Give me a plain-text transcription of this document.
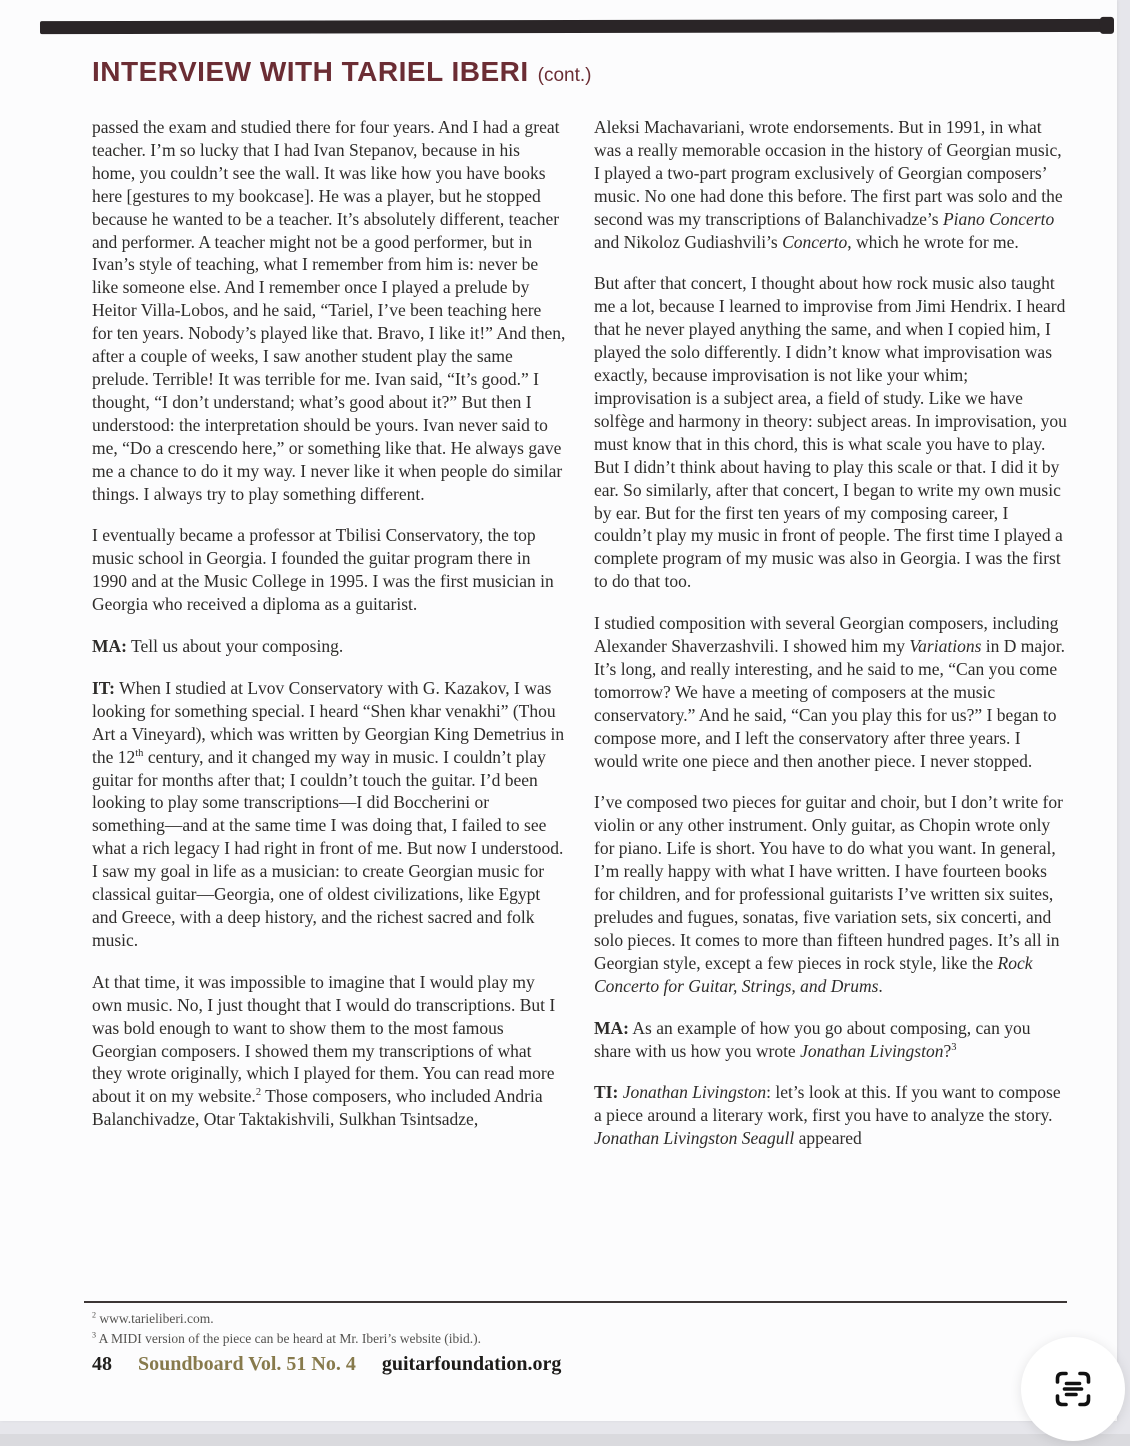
INTERVIEW WITH TARIEL IBERI (cont.)

passed the exam and studied there for four years. And I had a great teacher. I’m so lucky that I had Ivan Stepanov, because in his home, you couldn’t see the wall. It was like how you have books here [gestures to my bookcase]. He was a player, but he stopped because he wanted to be a teacher. It’s absolutely different, teacher and performer. A teacher might not be a good performer, but in Ivan’s style of teaching, what I remember from him is: never be like someone else. And I remember once I played a prelude by Heitor Villa-Lobos, and he said, “Tariel, I’ve been teaching here for ten years. Nobody’s played like that. Bravo, I like it!” And then, after a couple of weeks, I saw another student play the same prelude. Terrible! It was terrible for me. Ivan said, “It’s good.” I thought, “I don’t understand; what’s good about it?” But then I understood: the interpretation should be yours. Ivan never said to me, “Do a crescendo here,” or something like that. He always gave me a chance to do it my way. I never like it when people do similar things. I always try to play something different.

I eventually became a professor at Tbilisi Conservatory, the top music school in Georgia. I founded the guitar program there in 1990 and at the Music College in 1995. I was the first musician in Georgia who received a diploma as a guitarist.

MA: Tell us about your composing.

IT: When I studied at Lvov Conservatory with G. Kazakov, I was looking for something special. I heard “Shen khar venakhi” (Thou Art a Vineyard), which was written by Georgian King Demetrius in the 12th century, and it changed my way in music. I couldn’t play guitar for months after that; I couldn’t touch the guitar. I’d been looking to play some transcriptions—I did Boccherini or something—and at the same time I was doing that, I failed to see what a rich legacy I had right in front of me. But now I understood. I saw my goal in life as a musician: to create Georgian music for classical guitar—Georgia, one of oldest civilizations, like Egypt and Greece, with a deep history, and the richest sacred and folk music.

At that time, it was impossible to imagine that I would play my own music. No, I just thought that I would do transcriptions. But I was bold enough to want to show them to the most famous Georgian composers. I showed them my transcriptions of what they wrote originally, which I played for them. You can read more about it on my website.$^2$ Those composers, who included Andria Balanchivadze, Otar Taktakishvili, Sulkhan Tsintsadze,

Aleksi Machavariani, wrote endorsements. But in 1991, in what was a really memorable occasion in the history of Georgian music, I played a two-part program exclusively of Georgian composers’ music. No one had done this before. The first part was solo and the second was my transcriptions of Balanchivadze’s Piano Concerto and Nikoloz Gudiashvili’s Concerto, which he wrote for me.

But after that concert, I thought about how rock music also taught me a lot, because I learned to improvise from Jimi Hendrix. I heard that he never played anything the same, and when I copied him, I played the solo differently. I didn’t know what improvisation was exactly, because improvisation is not like your whim; improvisation is a subject area, a field of study. Like we have solfège and harmony in theory: subject areas. In improvisation, you must know that in this chord, this is what scale you have to play. But I didn’t think about having to play this scale or that. I did it by ear. So similarly, after that concert, I began to write my own music by ear. But for the first ten years of my composing career, I couldn’t play my music in front of people. The first time I played a complete program of my music was also in Georgia. I was the first to do that too.

I studied composition with several Georgian composers, including Alexander Shaverzashvili. I showed him my Variations in D major. It’s long, and really interesting, and he said to me, “Can you come tomorrow? We have a meeting of composers at the music conservatory.” And he said, “Can you play this for us?” I began to compose more, and I left the conservatory after three years. I would write one piece and then another piece. I never stopped.

I’ve composed two pieces for guitar and choir, but I don’t write for violin or any other instrument. Only guitar, as Chopin wrote only for piano. Life is short. You have to do what you want. In general, I’m really happy with what I have written. I have fourteen books for children, and for professional guitarists I’ve written six suites, preludes and fugues, sonatas, five variation sets, six concerti, and solo pieces. It comes to more than fifteen hundred pages. It’s all in Georgian style, except a few pieces in rock style, like the Rock Concerto for Guitar, Strings, and Drums.

MA: As an example of how you go about composing, can you share with us how you wrote Jonathan Livingston?$^3$

TI: Jonathan Livingston: let’s look at this. If you want to compose a piece around a literary work, first you have to analyze the story. Jonathan Livingston Seagull appeared

$^2$ www.tarieliberi.com.
$^3$ A MIDI version of the piece can be heard at Mr. Iberi’s website (ibid.).
48 Soundboard Vol. 51 No. 4 guitarfoundation.org
